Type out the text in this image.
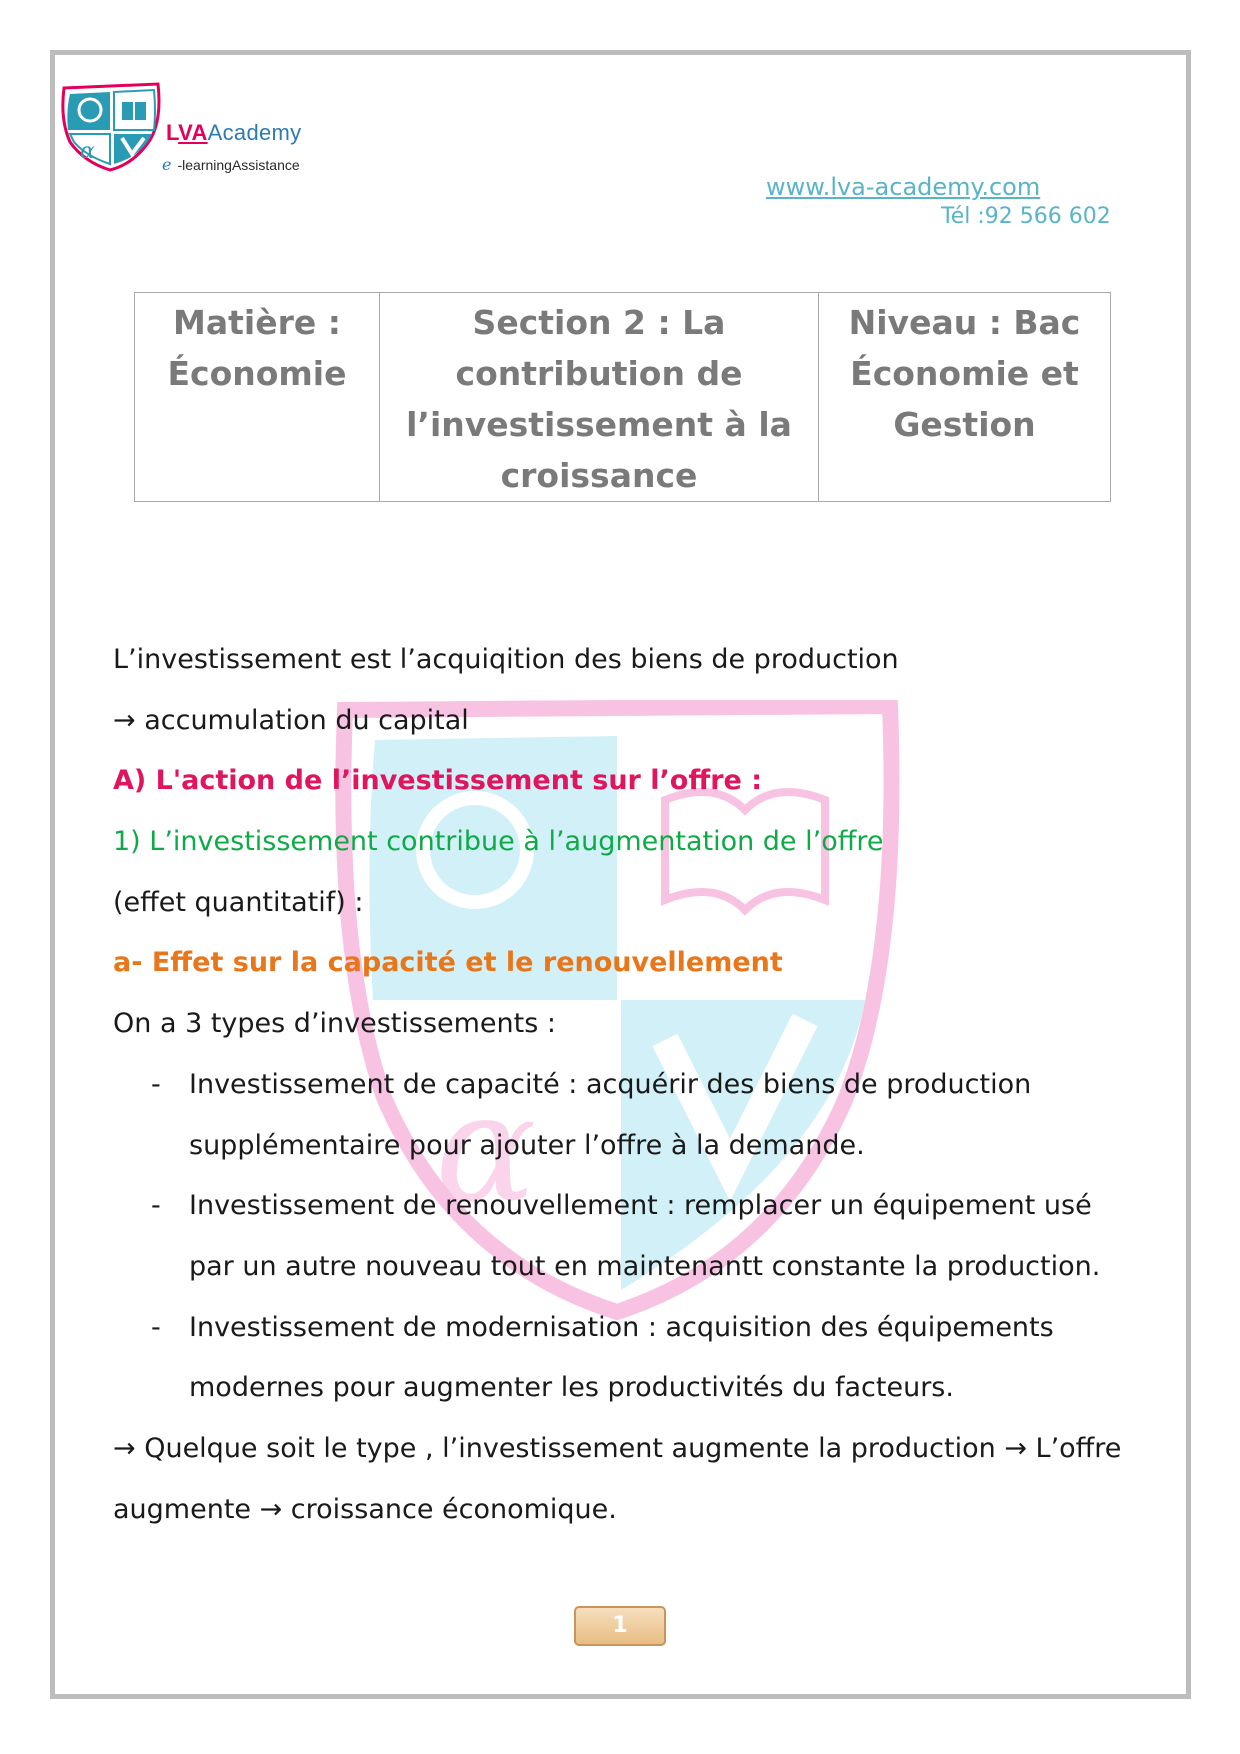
α
LVAAcademy
e -learningAssistance
www.lva-academy.com
Tél :92 566 602
Matière :
Économie

Section 2 : La
contribution de
l’investissement à la
croissance

Niveau : Bac
Économie et
Gestion
α
L’investissement est l’acquiqition des biens de production
→ accumulation du capital
A) L'action de l’investissement sur l’offre :
1) L’investissement contribue à l’augmentation de l’offre
(effet quantitatif) :
a- Effet sur la capacité et le renouvellement
On a 3 types d’investissements :
- Investissement de capacité : acquérir des biens de production
supplémentaire pour ajouter l’offre à la demande.
- Investissement de renouvellement : remplacer un équipement usé
par un autre nouveau tout en maintenantt constante la production.
- Investissement de modernisation : acquisition des équipements
modernes pour augmenter les productivités du facteurs.
→ Quelque soit le type , l’investissement augmente la production → L’offre
augmente → croissance économique.
1
